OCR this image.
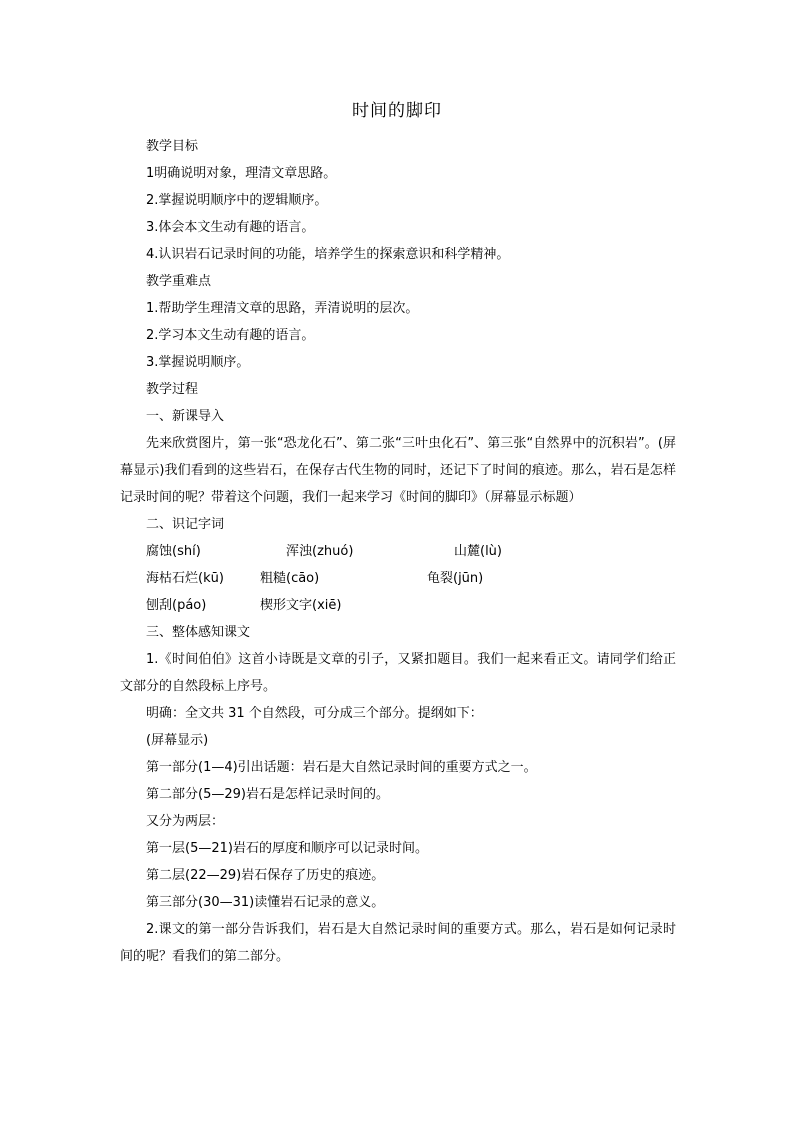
时间的脚印

教学目标

1明确说明对象，理清文章思路。

2.掌握说明顺序中的逻辑顺序。

3.体会本文生动有趣的语言。

4.认识岩石记录时间的功能，培养学生的探索意识和科学精神。

教学重难点

1.帮助学生理清文章的思路，弄清说明的层次。

2.学习本文生动有趣的语言。

3.掌握说明顺序。

教学过程

一、新课导入

先来欣赏图片，第一张“恐龙化石”、第二张“三叶虫化石”、第三张“自然界中的沉积岩”。(屏幕显示)我们看到的这些岩石，在保存古代生物的同时，还记下了时间的痕迹。那么，岩石是怎样记录时间的呢？带着这个问题，我们一起来学习《时间的脚印》（屏幕显示标题）

二、识记字词

腐蚀(shí)	浑浊(zhuó)	山麓(lù)
海枯石烂(kū)	粗糙(cāo)	龟裂(jūn)
刨刮(páo)	楔形文字(xiē)

三、整体感知课文

1.《时间伯伯》这首小诗既是文章的引子，又紧扣题目。我们一起来看正文。请同学们给正文部分的自然段标上序号。

明确：全文共 31 个自然段，可分成三个部分。提纲如下：

(屏幕显示)

第一部分(1—4)引出话题：岩石是大自然记录时间的重要方式之一。

第二部分(5—29)岩石是怎样记录时间的。

又分为两层：

第一层(5—21)岩石的厚度和顺序可以记录时间。

第二层(22—29)岩石保存了历史的痕迹。

第三部分(30—31)读懂岩石记录的意义。

2.课文的第一部分告诉我们，岩石是大自然记录时间的重要方式。那么，岩石是如何记录时间的呢？看我们的第二部分。
